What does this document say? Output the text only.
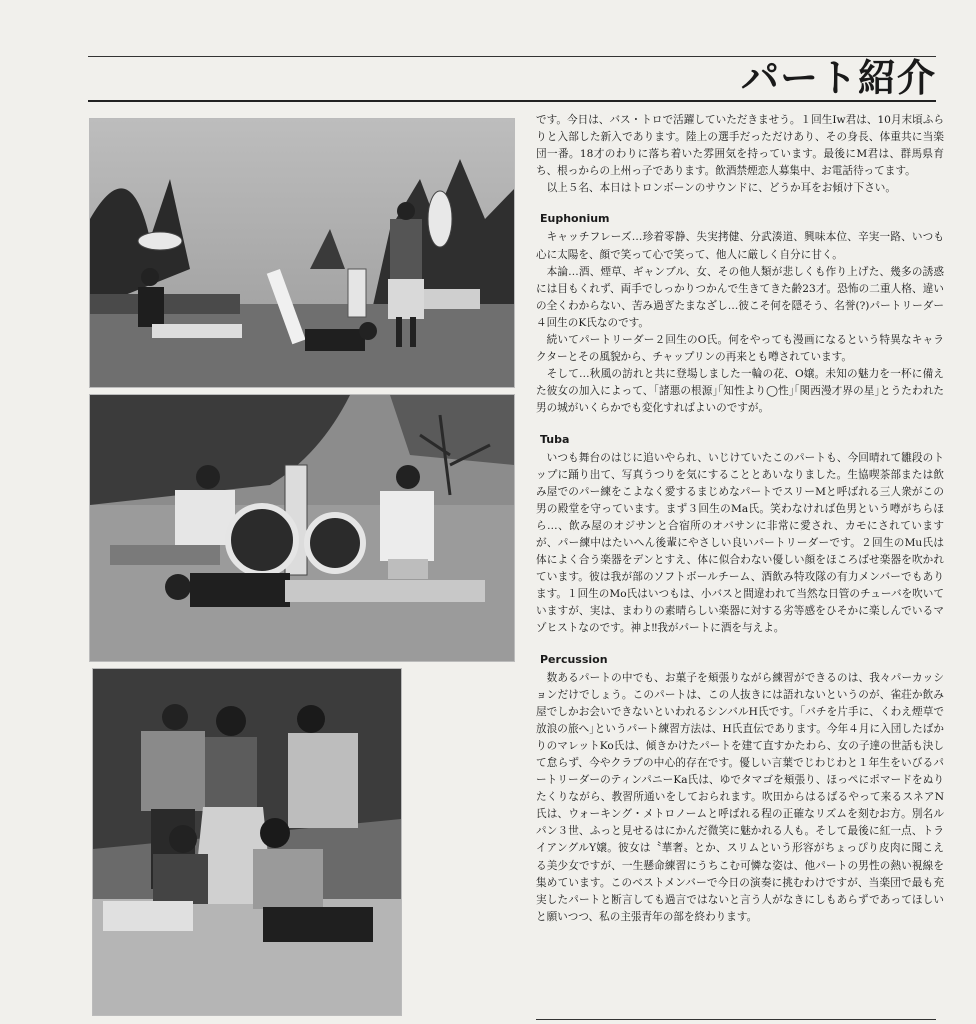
パート紹介

です。今日は、バス・トロで活躍していただきませう。１回生Iw君は、10月末頃ふらりと入部した新入であります。陸上の選手だっただけあり、その身長、体重共に当楽団一番。18才のわりに落ち着いた雰囲気を持っています。最後にM君は、群馬県育ち、根っからの上州っ子であります。飲酒禁煙恋人募集中、お電話待ってます。

以上５名、本日はトロンボーンのサウンドに、どうか耳をお傾け下さい。

Euphonium

キャッチフレーズ…珍着零静、失実拷健、分武湊道、興味本位、辛実一路、いつも心に太陽を、顔で笑って心で笑って、他人に厳しく自分に甘く。

本論…酒、煙草、ギャンブル、女、その他人類が悲しくも作り上げた、幾多の誘惑には目もくれず、両手でしっかりつかんで生きてきた齢23才。恐怖の二重人格、違いの全くわからない、苦み過ぎたまなざし…彼こそ何を隠そう、名誉(?)パートリーダー４回生のK氏なのです。

続いてパートリーダー２回生のO氏。何をやっても漫画になるという特異なキャラクターとその風貌から、チャップリンの再来とも噂されています。

そして…秋風の訪れと共に登場しました一輪の花、O嬢。未知の魅力を一杯に備えた彼女の加入によって、｢諸悪の根源｣｢知性より◯性｣｢関西漫才界の星｣とうたわれた男の城がいくらかでも変化すればよいのですが。

Tuba

いつも舞台のはじに追いやられ、いじけていたこのパートも、今回晴れて雛段のトップに踊り出て、写真うつりを気にすることとあいなりました。生協喫茶部または飲み屋でのパー練をこよなく愛するまじめなパートでスリーMと呼ばれる三人衆がこの男の殿堂を守っています。まず３回生のMa氏。笑わなければ色男という噂がちらほら…、飲み屋のオジサンと合宿所のオバサンに非常に愛され、カモにされていますが、パー練中はたいへん後輩にやさしい良いパートリーダーです。２回生のMu氏は体によく合う楽器をデンとすえ、体に似合わない優しい顔をほころばせ楽器を吹かれています。彼は我が部のソフトボールチーム、酒飲み特攻隊の有力メンバーでもあります。１回生のMo氏はいつもは、小バスと間違われて当然な日管のチューバを吹いていますが、実は、まわりの素晴らしい楽器に対する劣等感をひそかに楽しんでいるマゾヒストなのです。神よ‼我がパートに酒を与えよ。

Percussion

数あるパートの中でも、お菓子を頬張りながら練習ができるのは、我々パーカッションだけでしょう。このパートは、この人抜きには語れないというのが、雀荘か飲み屋でしかお会いできないといわれるシンバルH氏です。｢バチを片手に、くわえ煙草で放浪の旅へ｣というパート練習方法は、H氏直伝であります。今年４月に入団したばかりのマレットKo氏は、傾きかけたパートを建て直すかたわら、女の子達の世話も決して怠らず、今やクラブの中心的存在です。優しい言葉でじわじわと１年生をいびるパートリーダーのティンパニーKa氏は、ゆでタマゴを頬張り、ほっぺにポマードをぬりたくりながら、教習所通いをしておられます。吹田からはるばるやって来るスネアN氏は、ウォーキング・メトロノームと呼ばれる程の正確なリズムを刻むお方。別名ルパン３世、ふっと見せるはにかんだ微笑に魅かれる人も。そして最後に紅一点、トライアングルY嬢。彼女は〝華奢〟とか、スリムという形容がちょっぴり皮肉に聞こえる美少女ですが、一生懸命練習にうちこむ可憐な姿は、他パートの男性の熱い視線を集めています。このベストメンバーで今日の演奏に挑むわけですが、当楽団で最も充実したパートと断言しても過言ではないと言う人がなきにしもあらずであってほしいと願いつつ、私の主張青年の部を終わります。
